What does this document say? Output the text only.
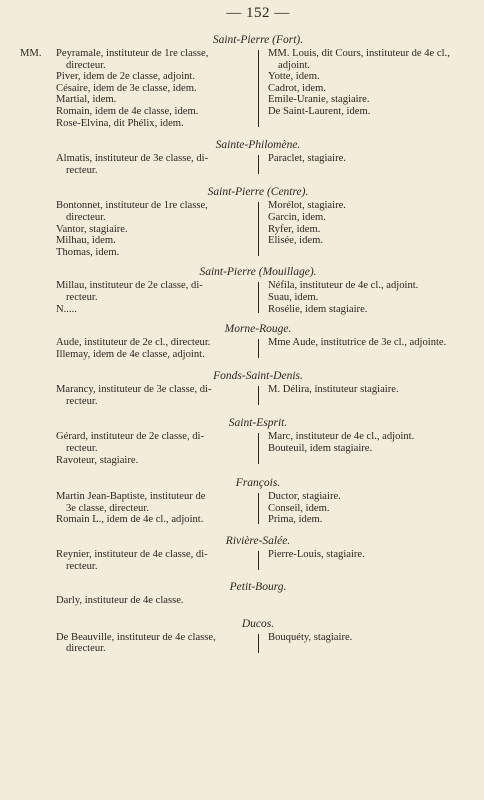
— 152 —
Saint-Pierre (Fort).
MM. Peyramale, instituteur de 1re classe,
directeur.
Piver, idem de 2e classe, adjoint.
Césaire, idem de 3e classe, idem.
Martial, idem.
Romain, idem de 4e classe, idem.
Rose-Elvina, dit Phélix, idem.
MM. Louis, dit Cours, instituteur de 4e cl.,
adjoint.
Yotte, idem.
Cadrot, idem.
Emile-Uranie, stagiaire.
De Saint-Laurent, idem.
Sainte-Philomène.
Almatis, instituteur de 3e classe, di-
recteur.
Paraclet, stagiaire.
Saint-Pierre (Centre).
Bontonnet, instituteur de 1re classe,
directeur.
Vantor, stagiaire.
Milhau, idem.
Thomas, idem.
Morélot, stagiaire.
Garcin, idem.
Ryfer, idem.
Elisée, idem.
Saint-Pierre (Mouillage).
Millau, instituteur de 2e classe, di-
recteur.
N.....
Néfila, instituteur de 4e cl., adjoint.
Suau, idem.
Rosélie, idem stagiaire.
Morne-Rouge.
Aude, instituteur de 2e cl., directeur.
Illemay, idem de 4e classe, adjoint.
Mme Aude, institutrice de 3e cl., adjointe.
Fonds-Saint-Denis.
Marancy, instituteur de 3e classe, di-
recteur.
M. Délira, instituteur stagiaire.
Saint-Esprit.
Gérard, instituteur de 2e classe, di-
recteur.
Ravoteur, stagiaire.
Marc, instituteur de 4e cl., adjoint.
Bouteuil, idem stagiaire.
François.
Martin Jean-Baptiste, instituteur de
3e classe, directeur.
Romain L., idem de 4e cl., adjoint.
Ductor, stagiaire.
Conseil, idem.
Prima, idem.
Rivière-Salée.
Reynier, instituteur de 4e classe, di-
recteur.
Pierre-Louis, stagiaire.
Petit-Bourg.
Darly, instituteur de 4e classe.
Ducos.
De Beauville, instituteur de 4e classe,
directeur.
Bouquéty, stagiaire.
